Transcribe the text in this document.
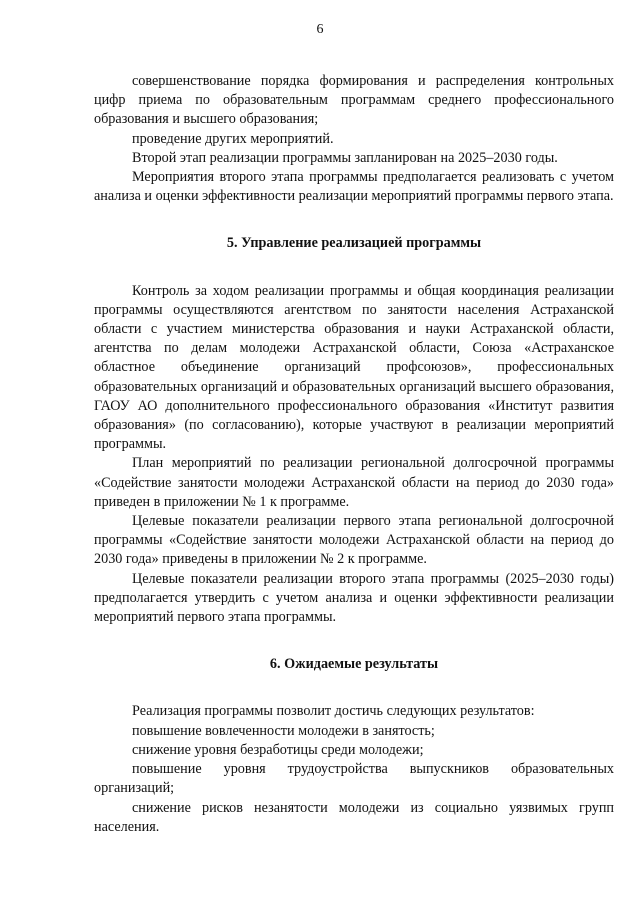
6

совершенствование порядка формирования и распределения контрольных цифр приема по образовательным программам среднего профессионального образования и высшего образования;

проведение других мероприятий.

Второй этап реализации программы запланирован на 2025–2030 годы.

Мероприятия второго этапа программы предполагается реализовать с учетом анализа и оценки эффективности реализации мероприятий программы первого этапа.

5. Управление реализацией программы

Контроль за ходом реализации программы и общая координация реализации программы осуществляются агентством по занятости населения Астраханской области с участием министерства образования и науки Астраханской области, агентства по делам молодежи Астраханской области, Союза «Астраханское областное объединение организаций профсоюзов», профессиональных образовательных организаций и образовательных организаций высшего образования, ГАОУ АО дополнительного профессионального образования «Институт развития образования» (по согласованию), которые участвуют в реализации мероприятий программы.

План мероприятий по реализации региональной долгосрочной программы «Содействие занятости молодежи Астраханской области на период до 2030 года» приведен в приложении № 1 к программе.

Целевые показатели реализации первого этапа региональной долгосрочной программы «Содействие занятости молодежи Астраханской области на период до 2030 года» приведены в приложении № 2 к программе.

Целевые показатели реализации второго этапа программы (2025–2030 годы) предполагается утвердить с учетом анализа и оценки эффективности реализации мероприятий первого этапа программы.

6. Ожидаемые результаты

Реализация программы позволит достичь следующих результатов:

повышение вовлеченности молодежи в занятость;

снижение уровня безработицы среди молодежи;

повышение уровня трудоустройства выпускников образовательных организаций;

снижение рисков незанятости молодежи из социально уязвимых групп населения.
